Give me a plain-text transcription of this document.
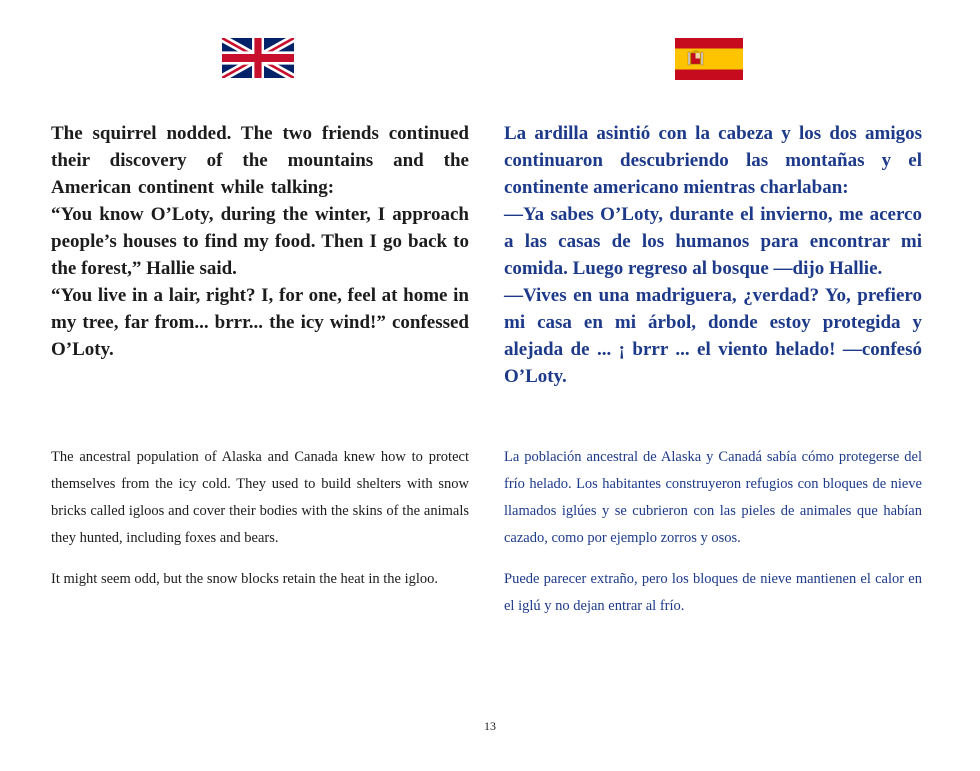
The squirrel nodded. The two friends continued their discovery of the mountains and the American continent while talking:

“You know O’Loty, during the winter, I approach people’s houses to find my food. Then I go back to the forest,” Hallie said.

“You live in a lair, right? I, for one, feel at home in my tree, far from... brrr... the icy wind!” confessed O’Loty.

The ancestral population of Alaska and Canada knew how to protect themselves from the icy cold. They used to build shelters with snow bricks called igloos and cover their bodies with the skins of the animals they hunted, including foxes and bears.

It might seem odd, but the snow blocks retain the heat in the igloo.

La ardilla asintió con la cabeza y los dos amigos continuaron descubriendo las montañas y el continente americano mientras charlaban:

—Ya sabes O’Loty, durante el invierno, me acerco a las casas de los humanos para encontrar mi comida. Luego regreso al bosque —dijo Hallie.

—Vives en una madriguera, ¿verdad? Yo, prefiero mi casa en mi árbol, donde estoy protegida y alejada de ... ¡ brrr ... el viento helado! —confesó O’Loty.

La población ancestral de Alaska y Canadá sabía cómo protegerse del frío helado. Los habitantes construyeron refugios con bloques de nieve llamados iglúes y se cubrieron con las pieles de animales que habían cazado, como por ejemplo zorros y osos.

Puede parecer extraño, pero los bloques de nieve mantienen el calor en el iglú y no dejan entrar al frío.

13
